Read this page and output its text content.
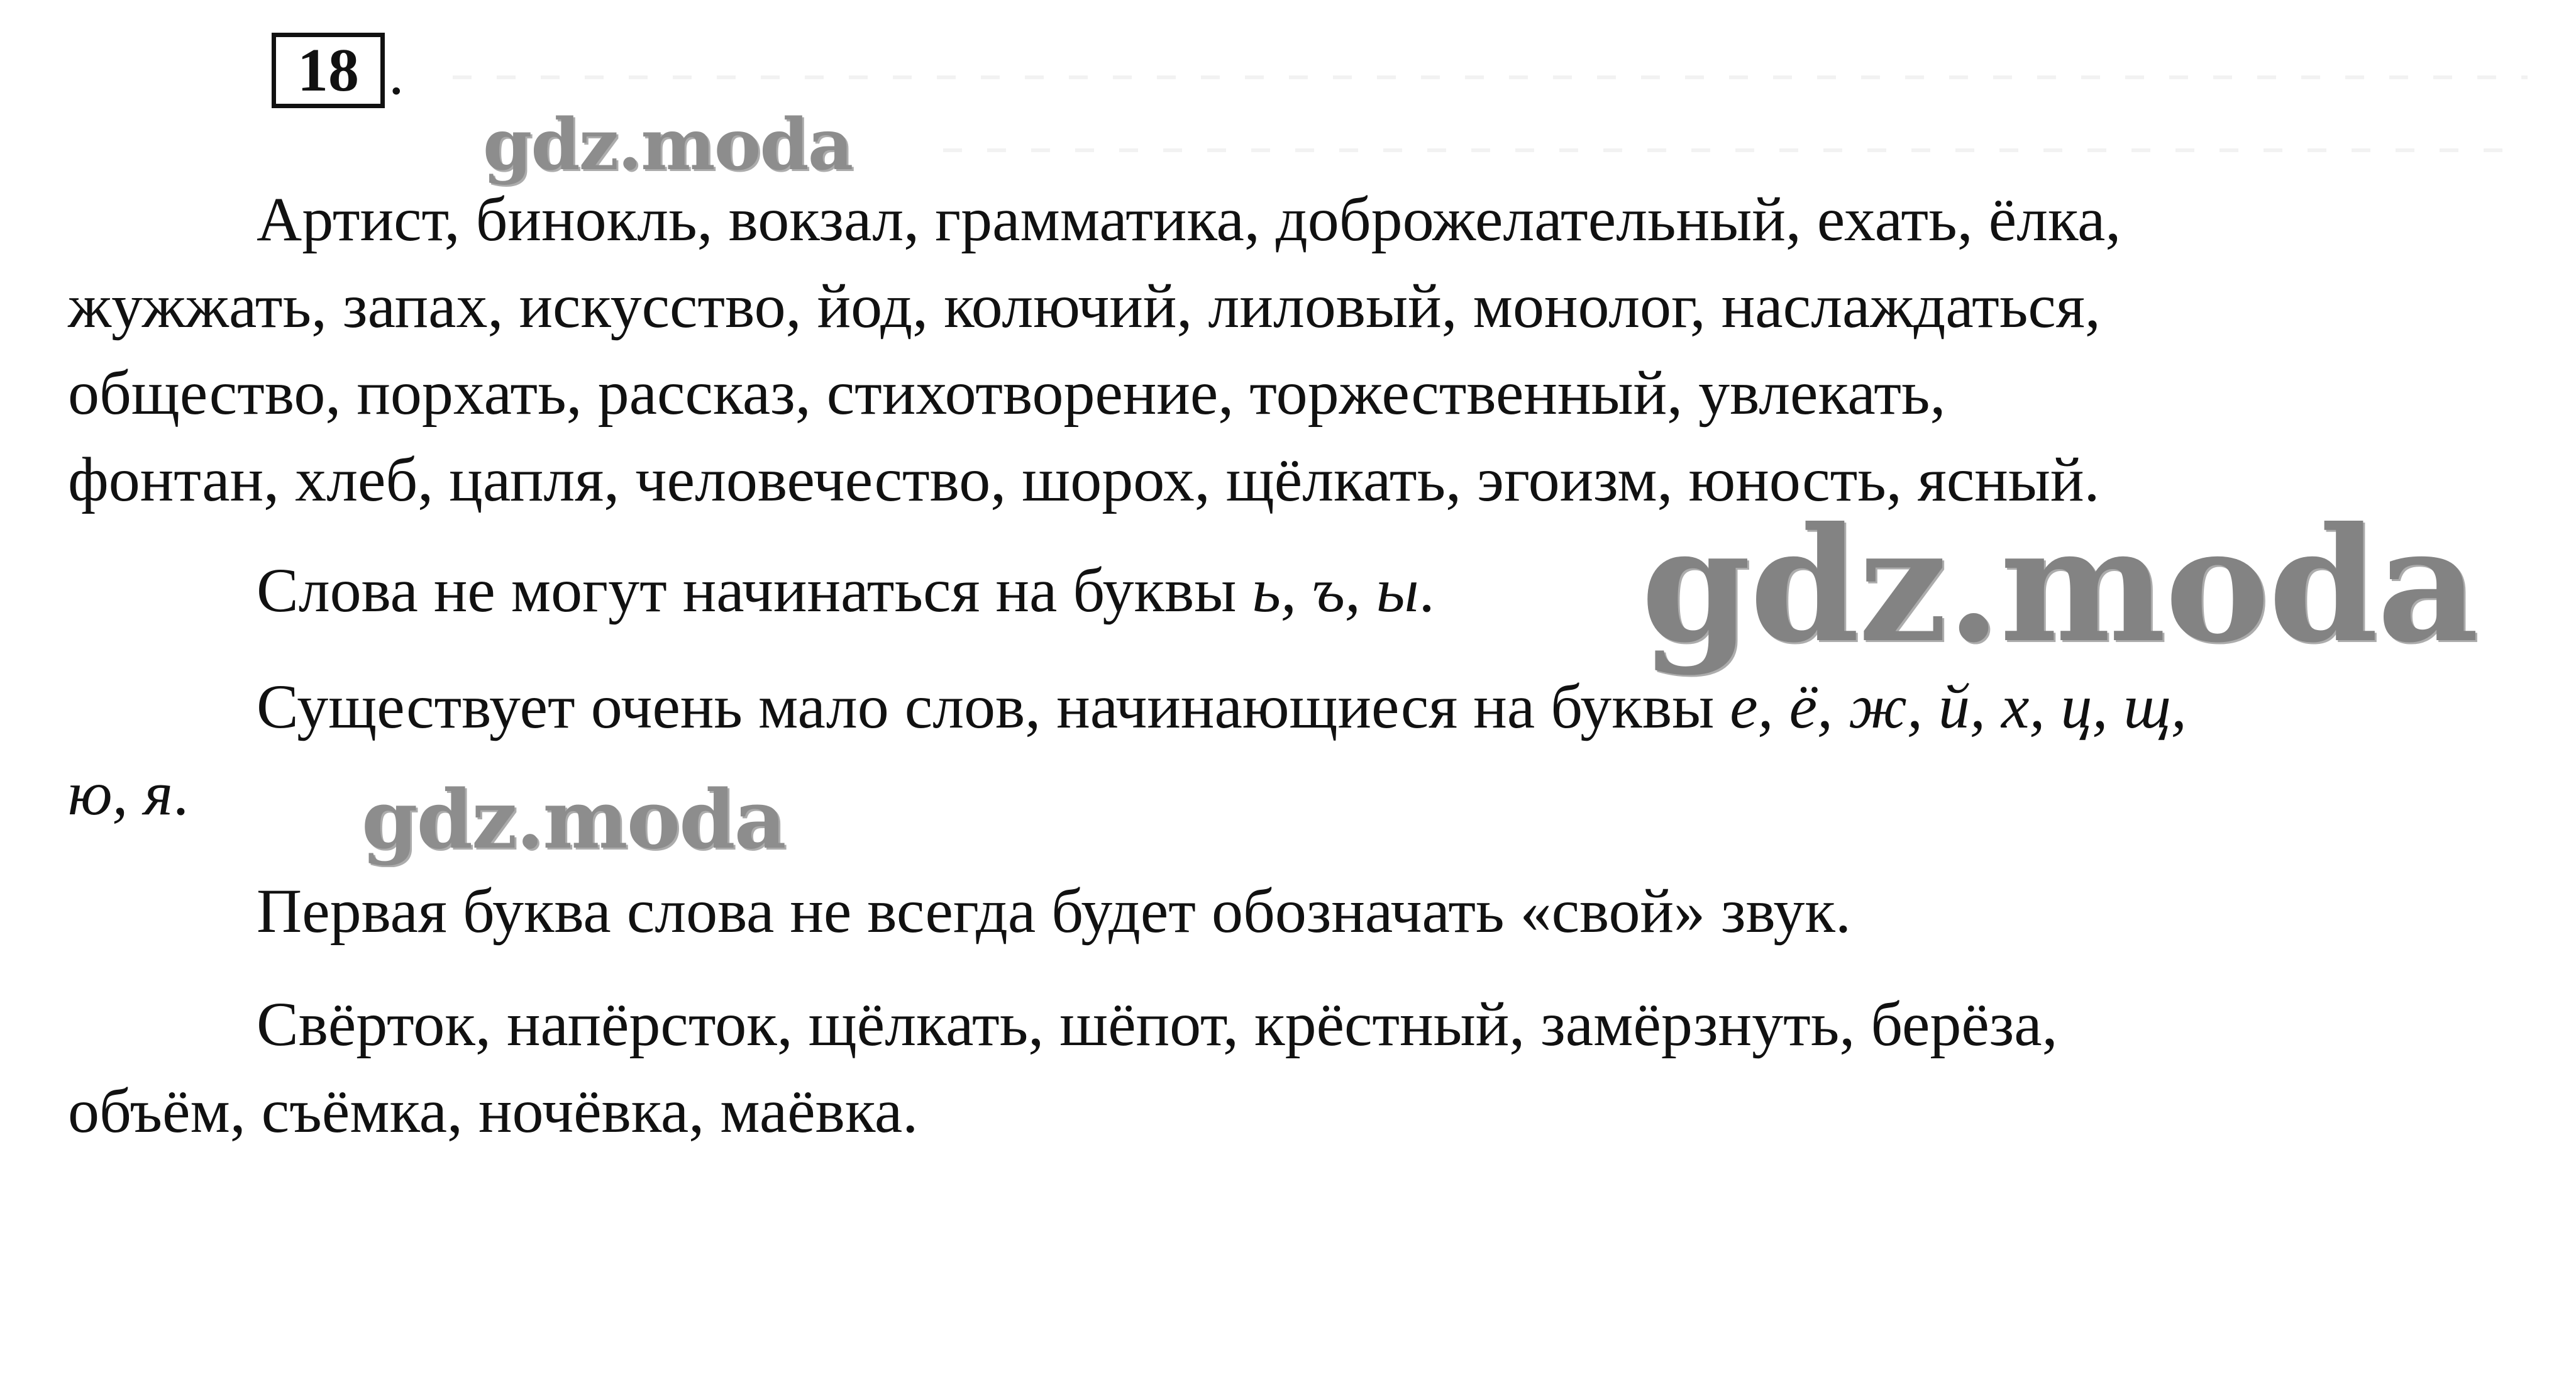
18 .
Артист, бинокль, вокзал, грамматика, доброжелательный, ехать, ёлка,
жужжать, запах, искусство, йод, колючий, лиловый, монолог, наслаждаться,
общество, порхать, рассказ, стихотворение, торжественный, увлекать,
фонтан, хлеб, цапля, человечество, шорох, щёлкать, эгоизм, юность, ясный.
Слова не могут начинаться на буквы ь, ъ, ы.
Существует очень мало слов, начинающиеся на буквы е, ё, ж, й, х, ц, щ,
ю, я.
Первая буква слова не всегда будет обозначать «свой» звук.
Свёрток, напёрсток, щёлкать, шёпот, крёстный, замёрзнуть, берёза,
объём, съёмка, ночёвка, маёвка.
gdz.moda
gdz.moda
gdz.moda
